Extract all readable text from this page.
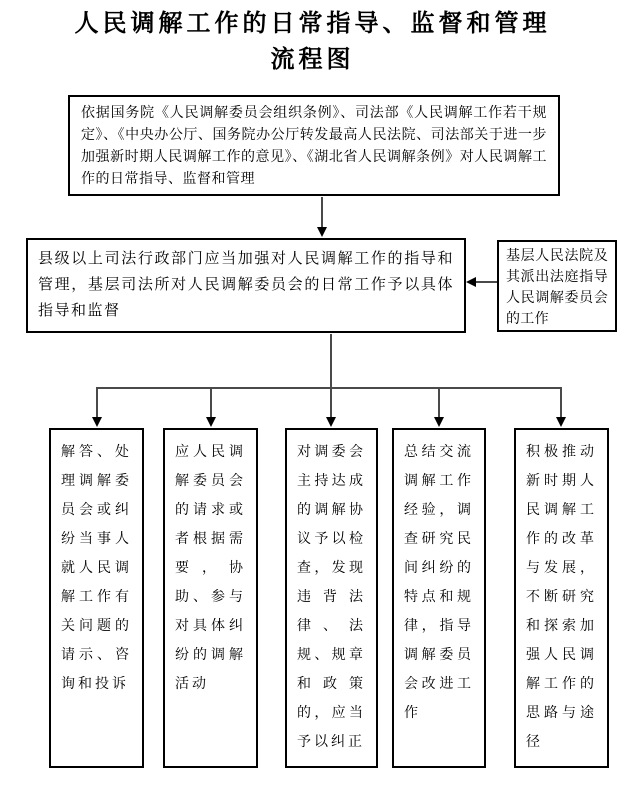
人民调解工作的日常指导、监督和管理
流程图
依据国务院《人民调解委员会组织条例》、司法部《人民调解工作若干规定》、《中央办公厅、国务院办公厅转发最高人民法院、司法部关于进一步加强新时期人民调解工作的意见》、《湖北省人民调解条例》对人民调解工作的日常指导、监督和管理
县级以上司法行政部门应当加强对人民调解工作的指导和管理，基层司法所对人民调解委员会的日常工作予以具体指导和监督
基层人民法院及其派出法庭指导人民调解委员会的工作
解答、处理调解委员会或纠纷当事人就人民调解工作有关问题的请示、咨询和投诉
应人民调解委员会的请求或者根据需要，协助、参与对具体纠纷的调解活动
对调委会主持达成的调解协议予以检查，发现违背法律、法规、规章和政策的，应当予以纠正
总结交流调解工作经验，调查研究民间纠纷的特点和规律，指导调解委员会改进工作
积极推动新时期人民调解工作的改革与发展，不断研究和探索加强人民调解工作的思路与途径
